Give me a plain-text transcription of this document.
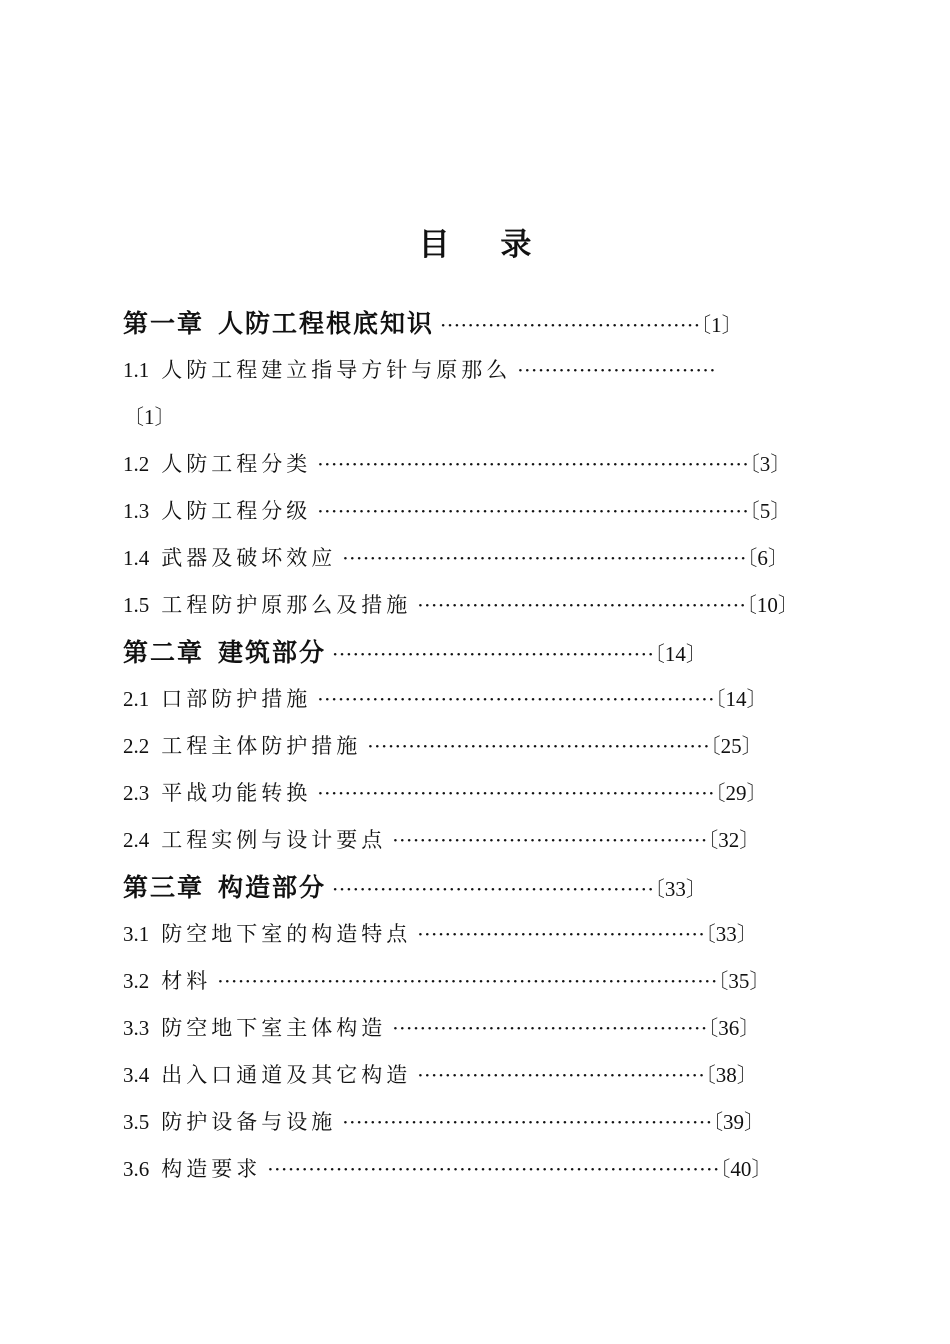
目 录
第一章 人防工程根底知识 ······································〔1〕
1.1 人防工程建立指导方针与原那么 ·····························
〔1〕
1.2 人防工程分类 ·······························································〔3〕
1.3 人防工程分级 ·······························································〔5〕
1.4 武器及破坏效应 ···························································〔6〕
1.5 工程防护原那么及措施 ················································〔10〕
第二章 建筑部分 ···············································〔14〕
2.1 口部防护措施 ··························································〔14〕
2.2 工程主体防护措施 ··················································〔25〕
2.3 平战功能转换 ··························································〔29〕
2.4 工程实例与设计要点 ··············································〔32〕
第三章 构造部分 ···············································〔33〕
3.1 防空地下室的构造特点 ··········································〔33〕
3.2 材料 ·········································································〔35〕
3.3 防空地下室主体构造 ··············································〔36〕
3.4 出入口通道及其它构造 ··········································〔38〕
3.5 防护设备与设施 ······················································〔39〕
3.6 构造要求 ··································································〔40〕
